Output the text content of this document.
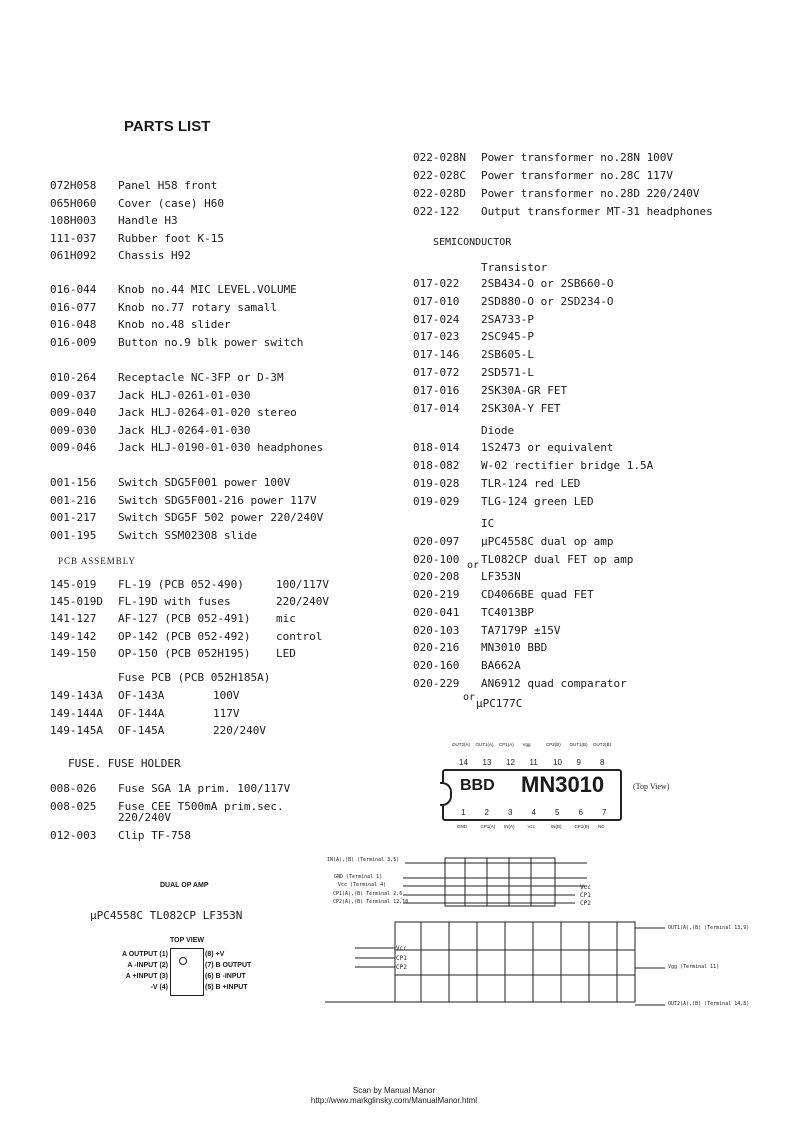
PARTS LIST
072H058 Panel H58 front
065H060 Cover (case) H60
108H003 Handle H3
111-037 Rubber foot K-15
061H092 Chassis H92
016-044 Knob no.44 MIC LEVEL.VOLUME
016-077 Knob no.77 rotary samall
016-048 Knob no.48 slider
016-009 Button no.9 blk power switch
010-264 Receptacle NC-3FP or D-3M
009-037 Jack HLJ-0261-01-030
009-040 Jack HLJ-0264-01-020 stereo
009-030 Jack HLJ-0264-01-030
009-046 Jack HLJ-0190-01-030 headphones
001-156 Switch SDG5F001 power 100V
001-216 Switch SDG5F001-216 power 117V
001-217 Switch SDG5F 502 power 220/240V
001-195 Switch SSM02308 slide
PCB ASSEMBLY
145-019 FL-19 (PCB 052-490)	100/117V
145-019D FL-19D with fuses	220/240V
141-127 AF-127 (PCB 052-491) mic
149-142 OP-142 (PCB 052-492) control
149-150 OP-150 (PCB 052H195) LED
Fuse PCB (PCB 052H185A)
149-143A OF-143A	100V
149-144A OF-144A	117V
149-145A OF-145A	220/240V
FUSE. FUSE HOLDER
008-026 Fuse SGA 1A prim. 100/117V
008-025 Fuse CEE T500mA prim.sec.
220/240V
012-003 Clip TF-758
022-028N Power transformer no.28N 100V
022-028C Power transformer no.28C 117V
022-028D Power transformer no.28D 220/240V
022-122 Output transformer MT-31 headphones
SEMICONDUCTOR
Transistor
017-022 2SB434-O or 2SB660-O
017-010 2SD880-O or 2SD234-O
017-024 2SA733-P
017-023 2SC945-P
017-146 2SB605-L
017-072 2SD571-L
017-016 2SK30A-GR FET
017-014 2SK30A-Y FET
Diode
018-014 1S2473 or equivalent
018-082 W-02 rectifier bridge 1.5A
019-028 TLR-124 red LED
019-029 TLG-124 green LED
IC
020-097 µPC4558C dual op amp
020-100 TL082CP dual FET op amp
020-208 LF353N
020-219 CD4066BE quad FET
020-041 TC4013BP
020-103 TA7179P ±15V
020-216 MN3010 BBD
020-160 BA662A
020-229 AN6912 quad comparator
or
or µPC177C
OUT2(A) OUT1(A) CP1(A) Vgg	CP2(B) OUT1(B) OUT2(B)
14 13 12 11 10 9 8
BBD MN3010	(Top View)
1 2 3 4 5 6 7
GND	CP1(A) IN(A)	Vcc	IN(B)	CP1(B) NC
DUAL OP AMP
µPC4558C TL082CP LF353N
TOP VIEW
A OUTPUT (1)
A -INPUT (2)
A +INPUT (3)
-V (4)
(8) +V
(7) B OUTPUT
(6) B -INPUT
(5) B +INPUT
IN(A),(B) (Terminal 3,5)
GND (Terminal 1)
Vcc (Terminal 4)
CP1(A),(B) Terminal 2,6
CP2(A),(B) Terminal 12,10
Vcc
CP1
CP2
Vcc
CP1
CP2
OUT1(A),(B) (Terminal 13,9)
Vgg (Terminal 11)
OUT2(A),(B) (Terminal 14,8)
Scan by Manual Manor
http://www.markglinsky.com/ManualManor.html
